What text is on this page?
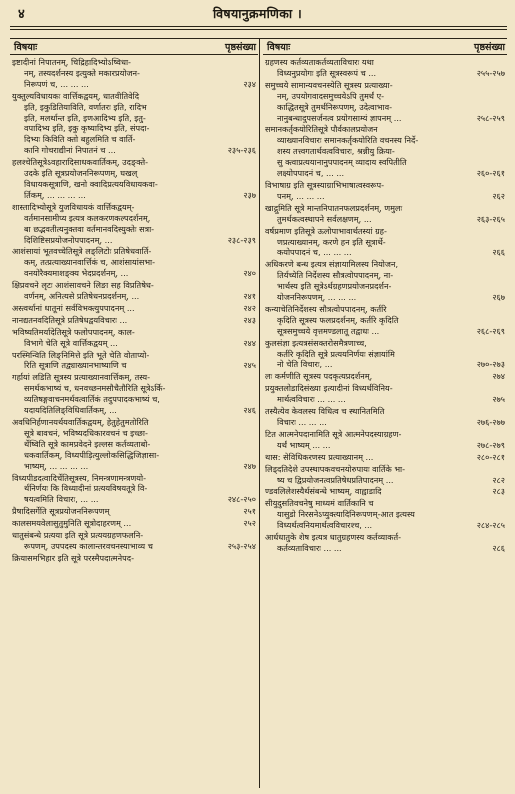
४	विषयानुक्रमणिका ।
विषयाः	पृष्ठसंख्या
इष्टादीनां निपातनम्, चिद्रिहादिभ्योऽष्विधा-
नम्, तस्यदर्शनस्य इत्युक्ते मकारप्रयोजन-
निरूपणं च, ... ... ...	२३४
युक्तुल्यविधायकः वार्त्तिकद्वयम्, धातवीतिवेदि
इति, इकुडितियाविति, वर्णातरः इति, रादिभ
इति, मलर्थान्त इति, इणआदिभ्य इति, इतु-
वपादिभ्य इति, इकु कृष्यादिभ्य इति, संपदा-
दिभ्यः किविति क्तो बहुलमिति च वार्ति-
कानि गोचराद्यीनां निपातनं च ...	२३५-२३६
हलश्चेतिसूत्रेऽवहारादिसाधकवार्तिकम्, उदङ्क्ते-
उदके इति सूत्रप्रयोजननिरूपणम्, घखल्
विधायकसूत्राणि, खनो क्वादिप्रत्ययविधायकवा-
र्तिकम्, ... ... ... ...	२३७
शास्तादिभ्योसूत्रे युजविधायकं वार्त्तिकद्वयम्-
वर्तमानसामीप्य इत्यत्र कलकरणकल्पदर्शनम्,
बा छद्भवतीत्यनुक्तवा वर्तमानवदिस्युक्तेः सत्रा-
दिशिष्टिसप्रयोजनोपपादनम्, ...	२३८-२३९
आशंसायां भूतवच्चेतिसूत्रे लङ्लिटोः प्रतिषेधवार्ति-
कम्, तत्प्रत्याख्यानवार्त्तिकं च, आशंसायांसभा-
वनयोरैक्यमाशङ्क्य भेदप्रदर्शनम्, ...	२४०
क्षिप्रवचने लृटः आशंसावचने लिङा सह विप्रतिषेध-
वर्णनम्, अनित्यसे प्रतिषेधनप्रदर्शनम्, ...	२४१
अस्त्वर्थानां धातूनां सर्वविभक्त्युपपादनम् ...	२४२
नानद्यतनवदितिसूत्रे प्रतिषेधद्वयविचारः ...	२४३
भविष्यतिमर्यादेतिसूत्रे फलोपपादनम्, काल-
विभागे चेति सूत्रे वार्त्तिकद्वयम् ...	२४४
परस्मिन्विति लिङ्निमित्ते इति भूते चेति वोताप्यो-
रिति सूत्राणि तद्व्याख्यानभाष्याणि च	२४५
गर्हायां लडिति सूत्रस्य प्रत्याख्यानवार्त्तिकम्, तस्य-
समर्थकभाष्यं च, धनवच्छनमसौचैतौरिति सूत्रेऽर्कि-
व्यतिषङ्गवाचनमर्थवत्वार्तिकं तदुपपादकभाष्यं च,
यदायदितिलिङ्विधिवार्तिकम्, ...	२४६
अवधिनिर्हणानयर्थयवार्तिकद्वयम्, हेतुहेतुमतोरिति
सूत्रे बावचनं, भविष्यदधिकारवचनं च इच्छा-
र्थेष्विति सूत्रे कामप्रवेदने इल्लस कर्तव्यताबो-
धकवार्तिकम्, विध्यपीड़ित्युल्लोकसिद्धिजिज्ञासा-
भाष्यम्, ... ... ... ...	२४७
विध्यपीडदत्वादिर्चेतिसूत्रस्य, निमन्त्रणामन्त्रणयो-
र्थनिर्णयः कि विध्यादीनां प्रत्ययविषयतूत्रे वि-
षयत्वमिति विचारः, ... ...	२४८-२५०
प्रैषादिसर्गेति सूत्रप्रयोजननिरूपणम्	२५१
कालसमयवेलासुतुमुनिति सूत्रोदाहरणम् ...	२५२
धातुसंबन्धे प्रत्यया इति सूत्रे प्रत्ययग्रहणफलनि-
रूपणम्, उपपदस्य कालान्तरवचनस्याभाव्य च	२५३-२५४
क्रियासमभिहार इति सूत्रे परस्मैपदात्मनेपद-
विषयाः	पृष्ठसंख्या
ग्रहणस्य कर्तव्यताकर्तव्यताविचारः यथा
विध्यनुप्रयोगः इति सूत्रस्वरूपं च ...	२५५-२५७
समुच्चये सामान्यवचनस्येति सूत्रस्य प्रत्याख्या-
नम्, उपयोगवादसमुच्चयेऽपि तुमर्थं ए-
काद्धितसूत्रे तुमर्थनिरूपणम्, उदेत्वाभाव-
नानुबन्धादुपसर्जनत्व प्रयोगसाम्यं ज्ञापनम् ...	२५८-२५९
समानकर्तृकयोरितिसूत्रे पौर्वकालप्रयोजन
व्याख्यानविचारः समानकर्तृकयोरिति वचनस्य निर्दे-
शस्य तत्त्वगतार्थवत्वविचारः, श्रन्नीयु क्रिया-
सु क्त्वाप्रत्ययानानुपपादनम् व्यादाय स्वपितीति
लक्ष्योपपादनं च, ... ...	२६०-२६१
विभाषाग्र इति सूत्रस्याग्राभिभाषात्वस्वरूप-
पनम्, ... ... ...	२६२
खाद्गुमिति सूत्रे मान्तनिपातनफलप्रदर्शनम्, णमुलः
तुमर्थकत्वस्थापने सर्वलक्षणम्, ...	२६३-२६५
वर्षप्रमाण इतिसूत्रे ऊलोपाभावार्थतस्यां ग्रह-
णप्रत्याख्यानम्, करणे हन इति सूत्रार्थे-
कयोपपादनं च, ... ... ...	२६६
अधिकरणे बन्ध इत्यत्र संज्ञायामिलस्य नियोजन,
तिर्यच्येति निर्देशस्य सौत्रत्वोपपादनम्, ना-
भार्थस्य इति सूत्रेऽर्थग्रहणप्रयोजनप्रदर्शन-
योजननिरूपणम्, ... ... ...	२६७
कन्याचेतिनिर्देशस्य सौत्रत्वोपपादनम्, कर्तरि
कृदिति सूत्रस्य फलप्रदर्शनम्, कर्तरि कृदिति
सूत्रसमुच्चये वृत्तमण्डलातू तद्वाधः ...	२६८-२६९
कुलसंज्ञा इत्यत्रसंसक्तरोसमैत्रणाच्च,
कर्तरि कृदिति सूत्रे प्रत्ययनिर्णयः संज्ञायांमि
नो चेति विचारः, ...	२७०-२७३
लः कर्मणीति सूत्रस्य पदकृत्यप्रदर्शनम्,	२७४
प्रयुक्तलोडादिसंख्या इत्यादीनां विध्यर्थविनिय-
मार्थत्वविचारः ... ... ...	२७५
तस्यैत्येव केवलस्य विधित्व च स्थानितमिति
विचारः ... ... ...	२७६-२७७
टित आत्मनेपदानामिति सूत्रे आत्मनेपदस्याग्रहण-
यर्थं भाष्यम् ... ...	२७८-२७९
थास: सेविधिकरणस्य प्रत्याख्यानम् ...	२८०-२८१
लिड्दतिदेशे उपस्थापकवचनयोरुपायः वार्तिके भा-
ष्य च द्विप्रयोजनत्वप्रतिषेधप्रतिपादनम् ...	२८२
ण्डवलिलेशस्यैर्थसंबन्धे भाष्यम्, वाह्वाडादि	२८३
सीयुदुसतिवचनेषु माध्यमं वार्तिकानि च
यासुडो निरसनेऽप्युक्त्यादिनिरूपणम्-आत इत्यस्य
विध्यर्थत्वनियमार्थत्वविचारश्च, ...	२८४-२८५
आर्धधातुके शेष इत्यत्र धातुग्रहणस्य कर्तव्याकर्त-
कर्तव्यताविचारः ... ...	२८६
